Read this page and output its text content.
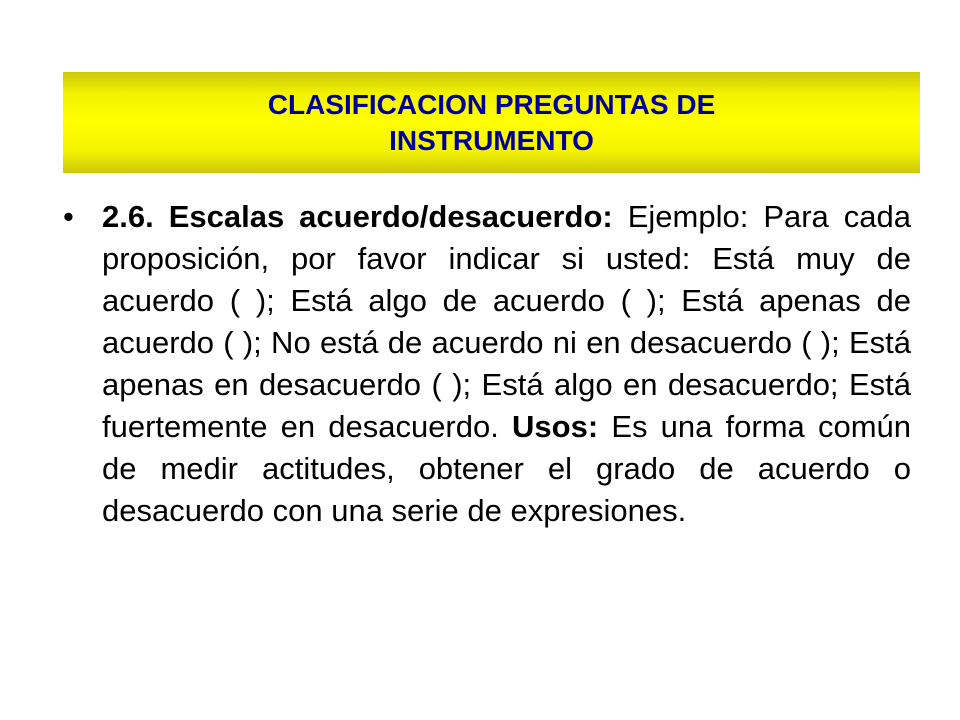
CLASIFICACION PREGUNTAS DE INSTRUMENTO
• 2.6. Escalas acuerdo/desacuerdo: Ejemplo: Para cada proposición, por favor indicar si usted: Está muy de acuerdo ( ); Está algo de acuerdo ( ); Está apenas de acuerdo ( ); No está de acuerdo ni en desacuerdo ( ); Está apenas en desacuerdo ( ); Está algo en desacuerdo; Está fuertemente en desacuerdo. Usos: Es una forma común de medir actitudes, obtener el grado de acuerdo o desacuerdo con una serie de expresiones.
